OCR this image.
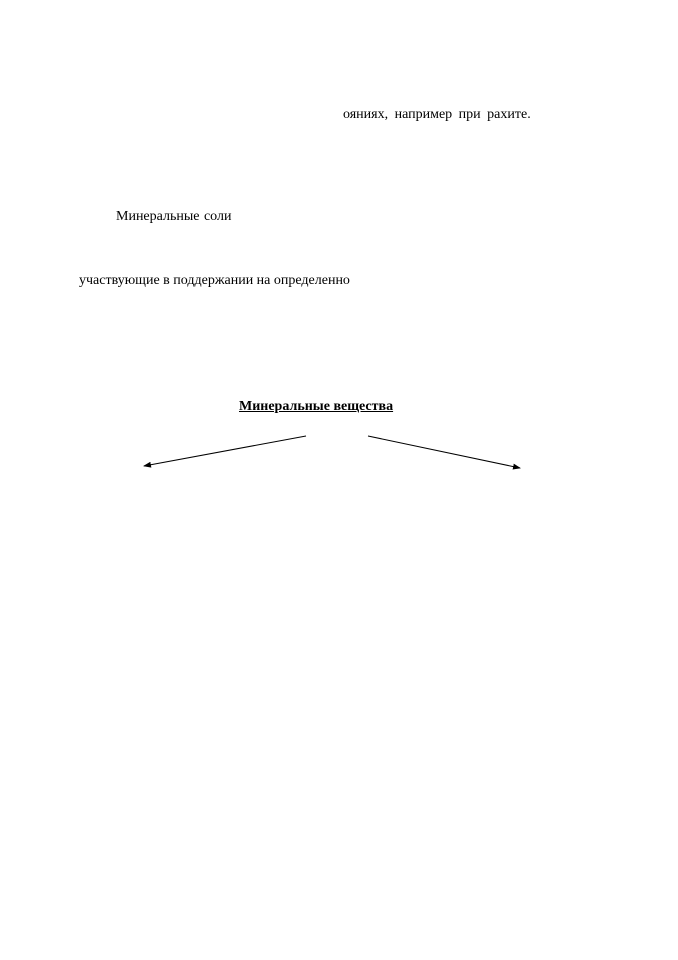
ояниях, например при рахите.
Минеральные соли
участвующие в поддержании на определенно
Минеральные вещества
